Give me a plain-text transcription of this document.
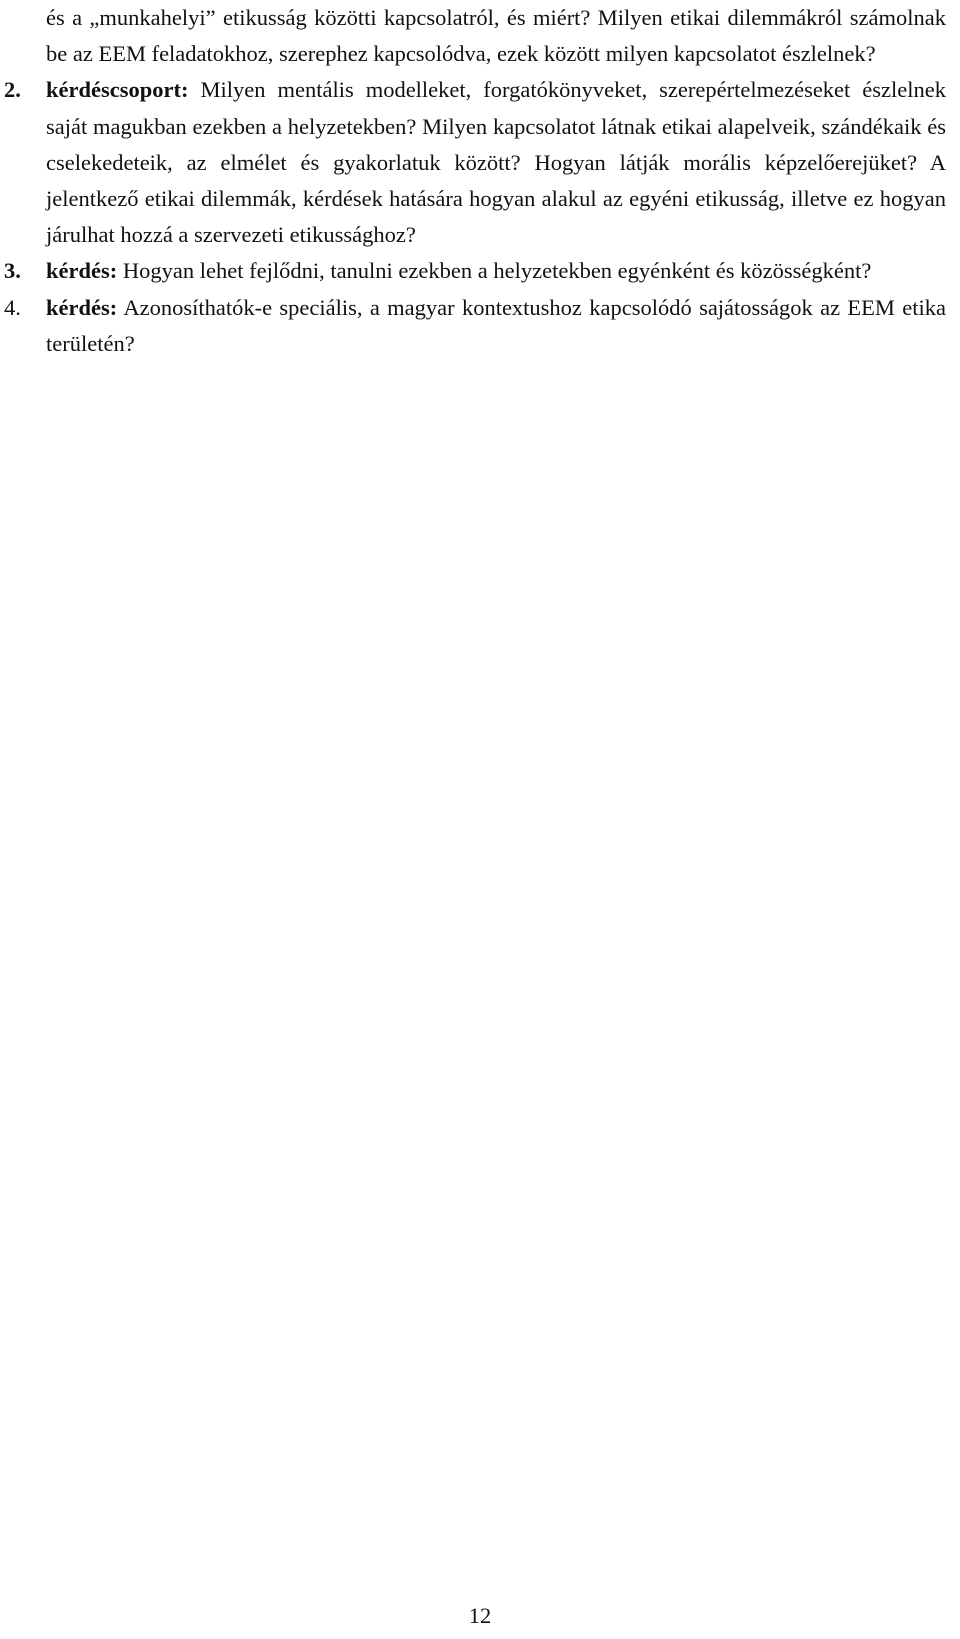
és a „munkahelyi” etikusság közötti kapcsolatról, és miért? Milyen etikai dilemmákról számolnak be az EEM feladatokhoz, szerephez kapcsolódva, ezek között milyen kapcsolatot észlelnek?

2. kérdéscsoport: Milyen mentális modelleket, forgatókönyveket, szerepértelmezéseket észlelnek saját magukban ezekben a helyzetekben? Milyen kapcsolatot látnak etikai alapelveik, szándékaik és cselekedeteik, az elmélet és gyakorlatuk között? Hogyan látják morális képzelőerejüket? A jelentkező etikai dilemmák, kérdések hatására hogyan alakul az egyéni etikusság, illetve ez hogyan járulhat hozzá a szervezeti etikussághoz?

3. kérdés: Hogyan lehet fejlődni, tanulni ezekben a helyzetekben egyénként és közösségként?

4. kérdés: Azonosíthatók-e speciális, a magyar kontextushoz kapcsolódó sajátosságok az EEM etika területén?

12
